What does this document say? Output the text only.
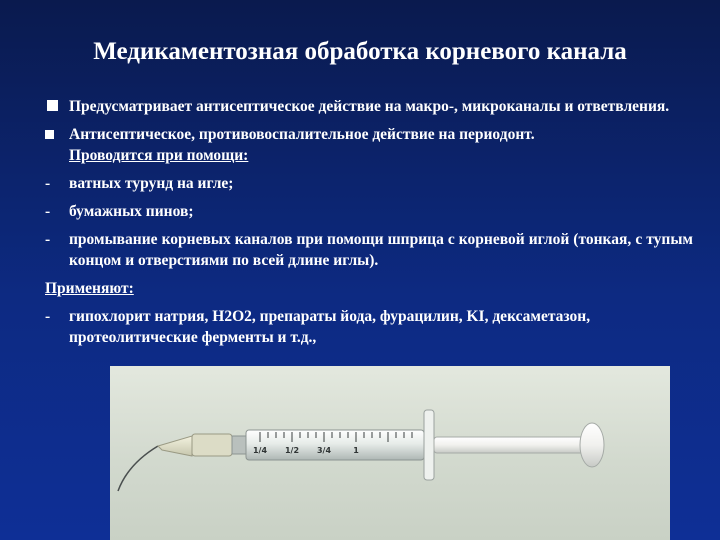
Медикаментозная обработка корневого канала
Предусматривает антисептическое действие на макро-, микроканалы и ответвления.
Антисептическое, противовоспалительное действие на периодонт.
Проводится при помощи:
-	ватных турунд на игле;
-	бумажных пинов;
-	промывание корневых каналов при помощи шприца с корневой иглой (тонкая, с тупым концом и отверстиями по всей длине иглы).
Применяют:
-	гипохлорит натрия, H2O2, препараты йода, фурацилин, KI, дексаметазон, протеолитические ферменты и т.д.,
1/4 1/2 3/4	1
